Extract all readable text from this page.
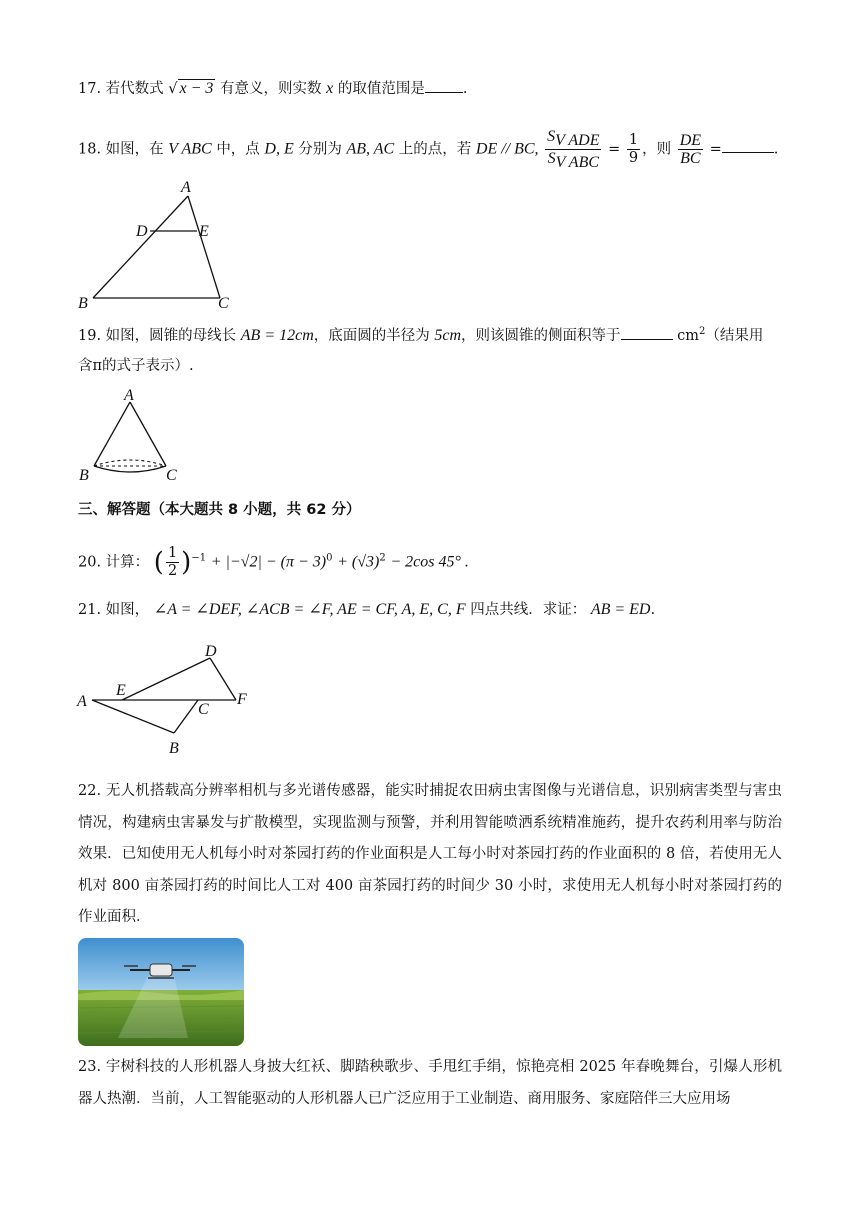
17. 若代数式 √ x − 3 有意义，则实数 x 的取值范围是	.
18. 如图，在 V ABC 中，点 D, E 分别为 AB, AC 上的点，若 DE // BC, $\frac{S_{V ADE}}{S_{V ABC}} = \frac{1}{9}$ ，则 $\frac{DE}{BC}$ =	.
A
D	E
B	C
19. 如图，圆锥的母线长 AB = 12cm，底面圆的半径为 5cm，则该圆锥的侧面积等于	$cm^2$（结果用
含π的式子表示）.
A
B	C
三、解答题（本大题共 8 小题，共 62 分）
20. 计算： ( $\frac{1}{2} )^{-1} + |-√2| - (\pi - 3)^0 + (√3)^2 - 2\cos$ 45° .
21. 如图， ∠A = ∠DEF, ∠ACB = ∠F, AE = CF, A, E, C, F 四点共线．求证： AB = ED.
D
E
A	C
F
B
22. 无人机搭载高分辨率相机与多光谱传感器，能实时捕捉农田病虫害图像与光谱信息，识别病害类型与害虫情况，构建病虫害暴发与扩散模型，实现监测与预警，并利用智能喷洒系统精准施药，提升农药利用率与防治效果．已知使用无人机每小时对茶园打药的作业面积是人工每小时对茶园打药的作业面积的 8 倍，若使用无人机对 800 亩茶园打药的时间比人工对 400 亩茶园打药的时间少 30 小时，求使用无人机每小时对茶园打药的作业面积．
23. 宇树科技的人形机器人身披大红袄、脚踏秧歌步、手甩红手绢，惊艳亮相 2025 年春晚舞台，引爆人形机器人热潮．当前，人工智能驱动的人形机器人已广泛应用于工业制造、商用服务、家庭陪伴三大应用场
